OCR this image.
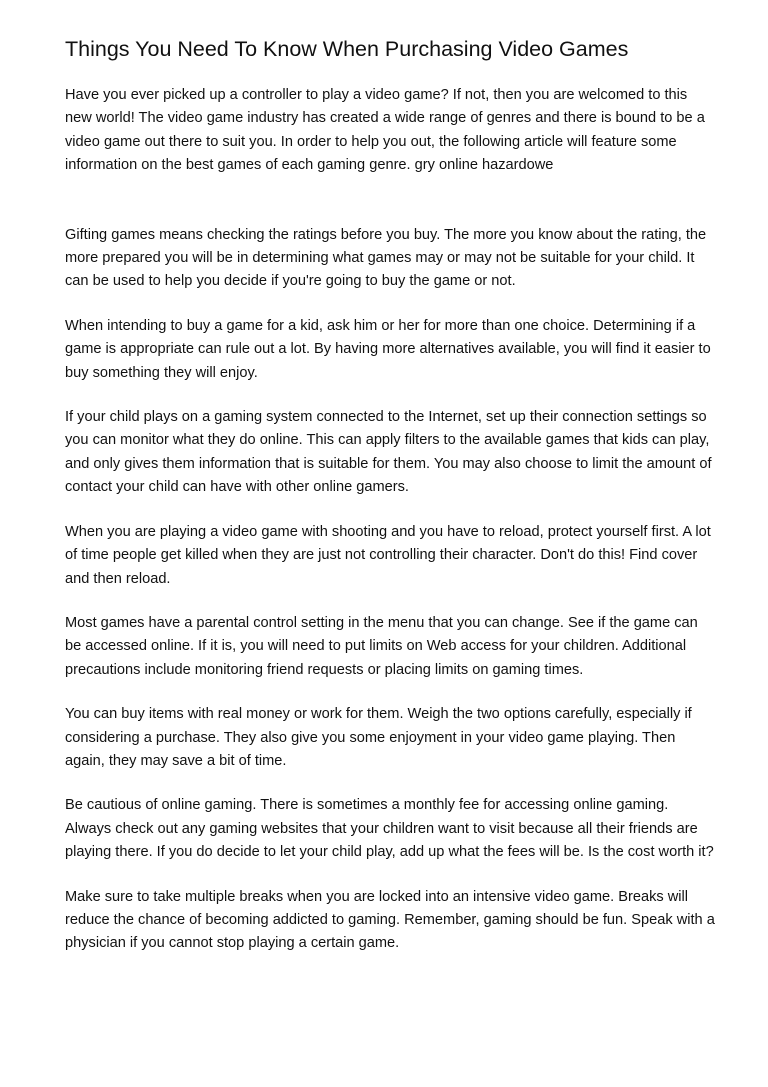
Things You Need To Know When Purchasing Video Games

Have you ever picked up a controller to play a video game? If not, then you are welcomed to this new world! The video game industry has created a wide range of genres and there is bound to be a video game out there to suit you. In order to help you out, the following article will feature some information on the best games of each gaming genre. gry online hazardowe

Gifting games means checking the ratings before you buy. The more you know about the rating, the more prepared you will be in determining what games may or may not be suitable for your child. It can be used to help you decide if you're going to buy the game or not.

When intending to buy a game for a kid, ask him or her for more than one choice. Determining if a game is appropriate can rule out a lot. By having more alternatives available, you will find it easier to buy something they will enjoy.

If your child plays on a gaming system connected to the Internet, set up their connection settings so you can monitor what they do online. This can apply filters to the available games that kids can play, and only gives them information that is suitable for them. You may also choose to limit the amount of contact your child can have with other online gamers.

When you are playing a video game with shooting and you have to reload, protect yourself first. A lot of time people get killed when they are just not controlling their character. Don't do this! Find cover and then reload.

Most games have a parental control setting in the menu that you can change. See if the game can be accessed online. If it is, you will need to put limits on Web access for your children. Additional precautions include monitoring friend requests or placing limits on gaming times.

You can buy items with real money or work for them. Weigh the two options carefully, especially if considering a purchase. They also give you some enjoyment in your video game playing. Then again, they may save a bit of time.

Be cautious of online gaming. There is sometimes a monthly fee for accessing online gaming. Always check out any gaming websites that your children want to visit because all their friends are playing there. If you do decide to let your child play, add up what the fees will be. Is the cost worth it?

Make sure to take multiple breaks when you are locked into an intensive video game. Breaks will reduce the chance of becoming addicted to gaming. Remember, gaming should be fun. Speak with a physician if you cannot stop playing a certain game.
